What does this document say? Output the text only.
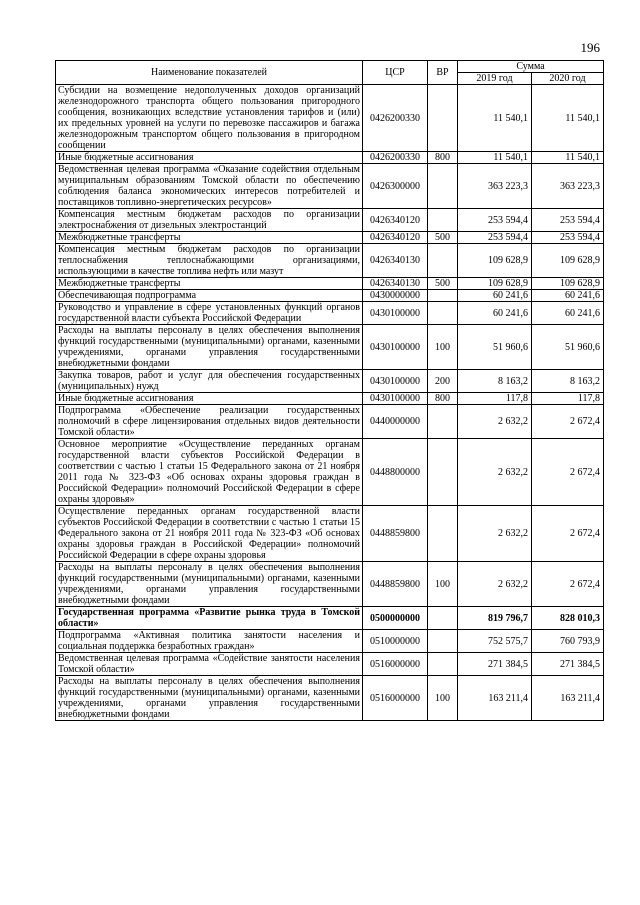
196
Наименование показателей	ЦСР	ВР	Сумма	
			2019 год	2020 год
Субсидии на возмещение недополученных доходов организаций железнодорожного транспорта общего пользования пригородного сообщения, возникающих вследствие установления тарифов и (или) их предельных уровней на услуги по перевозке пассажиров и багажа железнодорожным транспортом общего пользования в пригородном сообщении	0426200330		11 540,1	11 540,1
Иные бюджетные ассигнования	0426200330	800	11 540,1	11 540,1
Ведомственная целевая программа «Оказание содействия отдельным муниципальным образованиям Томской области по обеспечению соблюдения баланса экономических интересов потребителей и поставщиков топливно-энергетических ресурсов»	0426300000		363 223,3	363 223,3
Компенсация местным бюджетам расходов по организации электроснабжения от дизельных электростанций	0426340120		253 594,4	253 594,4
Межбюджетные трансферты	0426340120	500	253 594,4	253 594,4
Компенсация местным бюджетам расходов по организации теплоснабжения теплоснабжающими организациями, использующими в качестве топлива нефть или мазут	0426340130		109 628,9	109 628,9
Межбюджетные трансферты	0426340130	500	109 628,9	109 628,9
Обеспечивающая подпрограмма	0430000000		60 241,6	60 241,6
Руководство и управление в сфере установленных функций органов государственной власти субъекта Российской Федерации	0430100000		60 241,6	60 241,6
Расходы на выплаты персоналу в целях обеспечения выполнения функций государственными (муниципальными) органами, казенными учреждениями, органами управления государственными внебюджетными фондами	0430100000	100	51 960,6	51 960,6
Закупка товаров, работ и услуг для обеспечения государственных (муниципальных) нужд	0430100000	200	8 163,2	8 163,2
Иные бюджетные ассигнования	0430100000	800	117,8	117,8
Подпрограмма «Обеспечение реализации государственных полномочий в сфере лицензирования отдельных видов деятельности Томской области»	0440000000		2 632,2	2 672,4
Основное мероприятие «Осуществление переданных органам государственной власти субъектов Российской Федерации в соответствии с частью 1 статьи 15 Федерального закона от 21 ноября 2011 года № 323-ФЗ «Об основах охраны здоровья граждан в Российской Федерации» полномочий Российской Федерации в сфере охраны здоровья»	0448800000		2 632,2	2 672,4
Осуществление переданных органам государственной власти субъектов Российской Федерации в соответствии с частью 1 статьи 15 Федерального закона от 21 ноября 2011 года № 323-ФЗ «Об основах охраны здоровья граждан в Российской Федерации» полномочий Российской Федерации в сфере охраны здоровья	0448859800		2 632,2	2 672,4
Расходы на выплаты персоналу в целях обеспечения выполнения функций государственными (муниципальными) органами, казенными учреждениями, органами управления государственными внебюджетными фондами	0448859800	100	2 632,2	2 672,4
Государственная программа «Развитие рынка труда в Томской области»	0500000000		819 796,7	828 010,3
Подпрограмма «Активная политика занятости населения и социальная поддержка безработных граждан»	0510000000		752 575,7	760 793,9
Ведомственная целевая программа «Содействие занятости населения Томской области»	0516000000		271 384,5	271 384,5
Расходы на выплаты персоналу в целях обеспечения выполнения функций государственными (муниципальными) органами, казенными учреждениями, органами управления государственными внебюджетными фондами	0516000000	100	163 211,4	163 211,4
